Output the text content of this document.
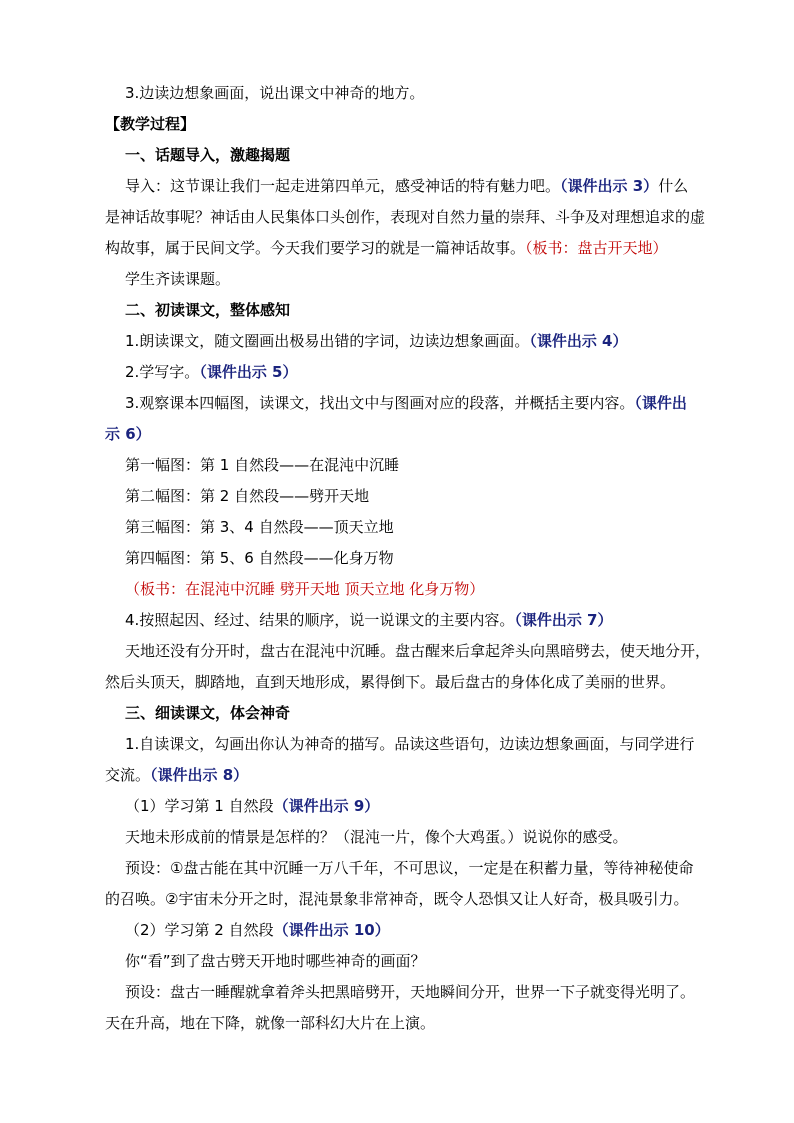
3.边读边想象画面，说出课文中神奇的地方。
【教学过程】
一、话题导入，激趣揭题
导入：这节课让我们一起走进第四单元，感受神话的特有魅力吧。（课件出示 3）什么
是神话故事呢？神话由人民集体口头创作，表现对自然力量的崇拜、斗争及对理想追求的虚
构故事，属于民间文学。今天我们要学习的就是一篇神话故事。（板书：盘古开天地）
学生齐读课题。
二、初读课文，整体感知
1.朗读课文，随文圈画出极易出错的字词，边读边想象画面。（课件出示 4）
2.学写字。（课件出示 5）
3.观察课本四幅图，读课文，找出文中与图画对应的段落，并概括主要内容。（课件出
示 6）
第一幅图：第 1 自然段——在混沌中沉睡
第二幅图：第 2 自然段——劈开天地
第三幅图：第 3、4 自然段——顶天立地
第四幅图：第 5、6 自然段——化身万物
（板书：在混沌中沉睡 劈开天地 顶天立地 化身万物）
4.按照起因、经过、结果的顺序，说一说课文的主要内容。（课件出示 7）
天地还没有分开时，盘古在混沌中沉睡。盘古醒来后拿起斧头向黑暗劈去，使天地分开，
然后头顶天，脚踏地，直到天地形成，累得倒下。最后盘古的身体化成了美丽的世界。
三、细读课文，体会神奇
1.自读课文，勾画出你认为神奇的描写。品读这些语句，边读边想象画面，与同学进行
交流。（课件出示 8）
（1）学习第 1 自然段（课件出示 9）
天地未形成前的情景是怎样的？（混沌一片，像个大鸡蛋。）说说你的感受。
预设：①盘古能在其中沉睡一万八千年，不可思议，一定是在积蓄力量，等待神秘使命
的召唤。②宇宙未分开之时，混沌景象非常神奇，既令人恐惧又让人好奇，极具吸引力。
（2）学习第 2 自然段（课件出示 10）
你“看”到了盘古劈天开地时哪些神奇的画面？
预设：盘古一睡醒就拿着斧头把黑暗劈开，天地瞬间分开，世界一下子就变得光明了。
天在升高，地在下降，就像一部科幻大片在上演。
